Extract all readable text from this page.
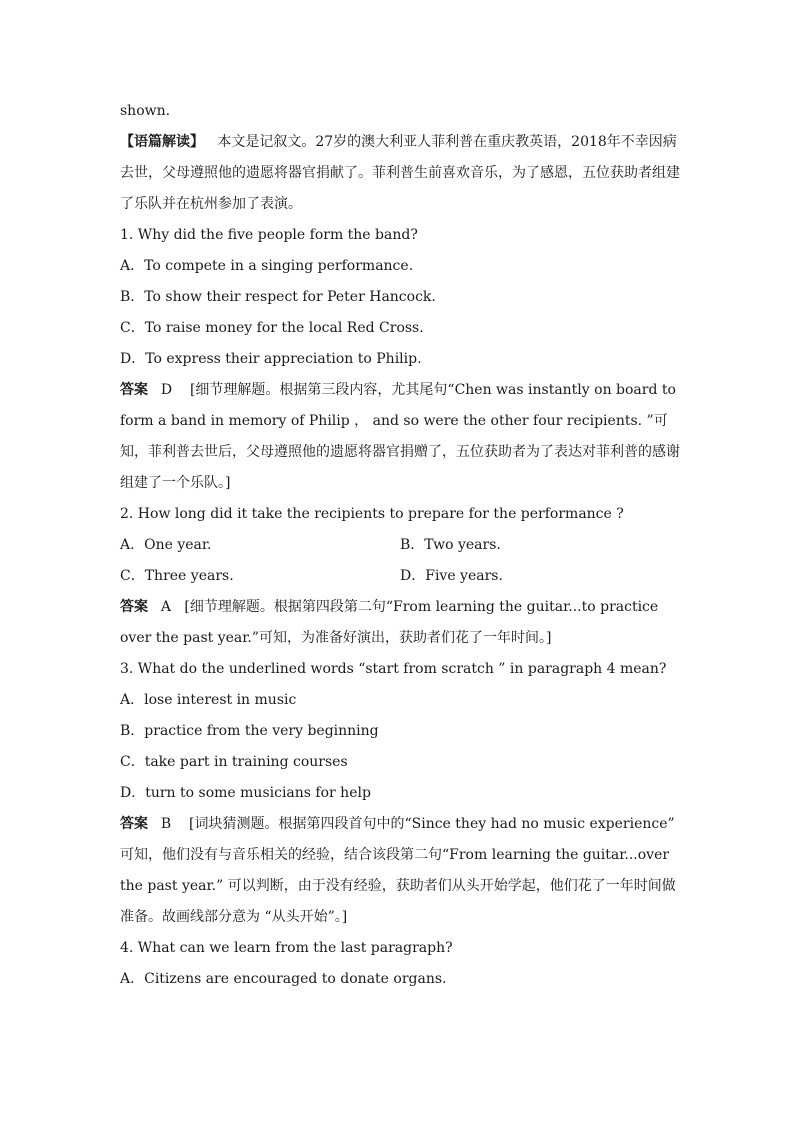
shown.
【语篇解读】 本文是记叙文。27岁的澳大利亚人菲利普在重庆教英语，2018年不幸因病去世，父母遵照他的遗愿将器官捐献了。菲利普生前喜欢音乐，为了感恩，五位获助者组建了乐队并在杭州参加了表演。
1. Why did the five people form the band?
A．To compete in a singing performance.
B．To show their respect for Peter Hancock.
C．To raise money for the local Red Cross.
D．To express their appreciation to Philip.
答案 D [细节理解题。根据第三段内容，尤其尾句“Chen was instantly on board to form a band in memory of Philip ， and so were the other four recipients. ”可知，菲利普去世后，父母遵照他的遗愿将器官捐赠了，五位获助者为了表达对菲利普的感谢组建了一个乐队。]
2. How long did it take the recipients to prepare for the performance ?
A．One year.	B．Two years.
C．Three years.	D．Five years.
答案 A [细节理解题。根据第四段第二句“From learning the guitar...to practice over the past year.”可知，为准备好演出，获助者们花了一年时间。]
3. What do the underlined words “start from scratch ” in paragraph 4 mean?
A．lose interest in music
B．practice from the very beginning
C．take part in training courses
D．turn to some musicians for help
答案 B [词块猜测题。根据第四段首句中的“Since they had no music experience” 可知，他们没有与音乐相关的经验，结合该段第二句“From learning the guitar...over the past year.” 可以判断，由于没有经验，获助者们从头开始学起，他们花了一年时间做准备。故画线部分意为 “从头开始”。]
4. What can we learn from the last paragraph?
A．Citizens are encouraged to donate organs.
